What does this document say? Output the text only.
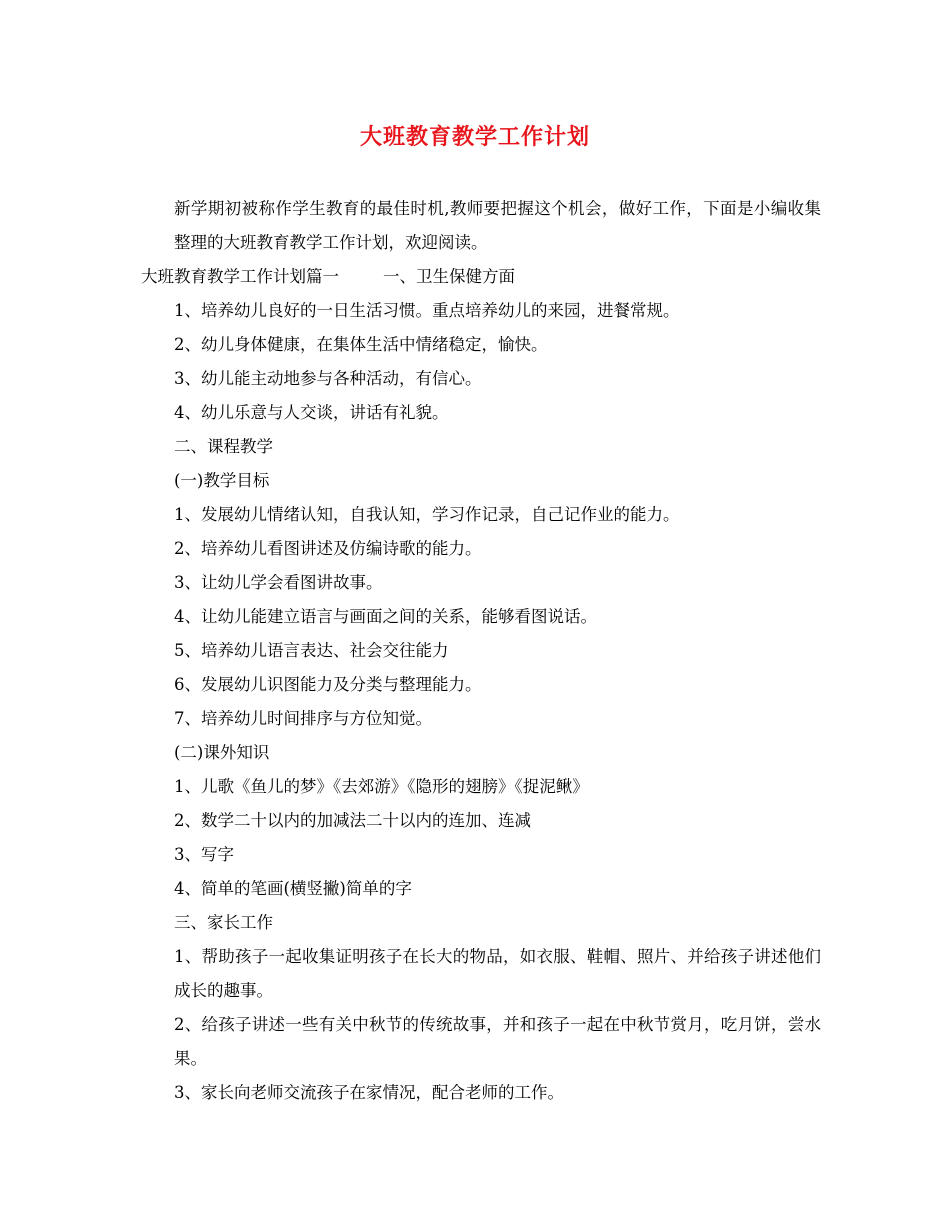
大班教育教学工作计划

新学期初被称作学生教育的最佳时机,教师要把握这个机会，做好工作，下面是小编收集整理的大班教育教学工作计划，欢迎阅读。

大班教育教学工作计划篇一	一、卫生保健方面

1、培养幼儿良好的一日生活习惯。重点培养幼儿的来园，进餐常规。

2、幼儿身体健康，在集体生活中情绪稳定，愉快。

3、幼儿能主动地参与各种活动，有信心。

4、幼儿乐意与人交谈，讲话有礼貌。

二、课程教学

(一)教学目标

1、发展幼儿情绪认知，自我认知，学习作记录，自己记作业的能力。

2、培养幼儿看图讲述及仿编诗歌的能力。

3、让幼儿学会看图讲故事。

4、让幼儿能建立语言与画面之间的关系，能够看图说话。

5、培养幼儿语言表达、社会交往能力

6、发展幼儿识图能力及分类与整理能力。

7、培养幼儿时间排序与方位知觉。

(二)课外知识

1、儿歌《鱼儿的梦》《去郊游》《隐形的翅膀》《捉泥鳅》

2、数学二十以内的加减法二十以内的连加、连减

3、写字

4、简单的笔画(横竖撇)简单的字

三、家长工作

1、帮助孩子一起收集证明孩子在长大的物品，如衣服、鞋帽、照片、并给孩子讲述他们成长的趣事。

2、给孩子讲述一些有关中秋节的传统故事，并和孩子一起在中秋节赏月，吃月饼，尝水果。

3、家长向老师交流孩子在家情况，配合老师的工作。
